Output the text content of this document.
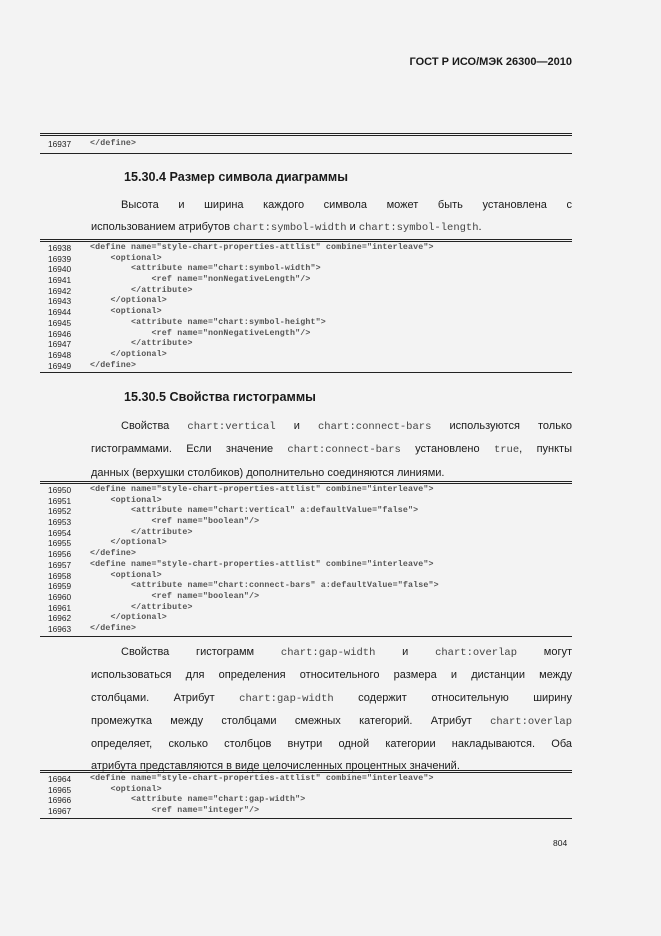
ГОСТ Р ИСО/МЭК 26300—2010
16937 </define>
15.30.4 Размер символа диаграммы
Высота и ширина каждого символа может быть установлена с
использованием атрибутов chart:symbol-width и chart:symbol-length.
16938 <define name="style-chart-properties-attlist" combine="interleave">
16939 <optional>
16940 <attribute name="chart:symbol-width">
16941 <ref name="nonNegativeLength"/>
16942 </attribute>
16943 </optional>
16944 <optional>
16945 <attribute name="chart:symbol-height">
16946 <ref name="nonNegativeLength"/>
16947 </attribute>
16948 </optional>
16949 </define>
15.30.5 Свойства гистограммы
Свойства chart:vertical и chart:connect-bars используются только
гистограммами. Если значение chart:connect-bars установлено true, пункты
данных (верхушки столбиков) дополнительно соединяются линиями.
16950 <define name="style-chart-properties-attlist" combine="interleave">
16951 <optional>
16952 <attribute name="chart:vertical" a:defaultValue="false">
16953 <ref name="boolean"/>
16954 </attribute>
16955 </optional>
16956 </define>
16957 <define name="style-chart-properties-attlist" combine="interleave">
16958 <optional>
16959 <attribute name="chart:connect-bars" a:defaultValue="false">
16960 <ref name="boolean"/>
16961 </attribute>
16962 </optional>
16963 </define>
Свойства гистограмм chart:gap-width и chart:overlap могут
использоваться для определения относительного размера и дистанции между
столбцами. Атрибут chart:gap-width содержит относительную ширину
промежутка между столбцами смежных категорий. Атрибут chart:overlap
определяет, сколько столбцов внутри одной категории накладываются. Оба
атрибута представляются в виде целочисленных процентных значений.
16964 <define name="style-chart-properties-attlist" combine="interleave">
16965 <optional>
16966 <attribute name="chart:gap-width">
16967 <ref name="integer"/>
804
